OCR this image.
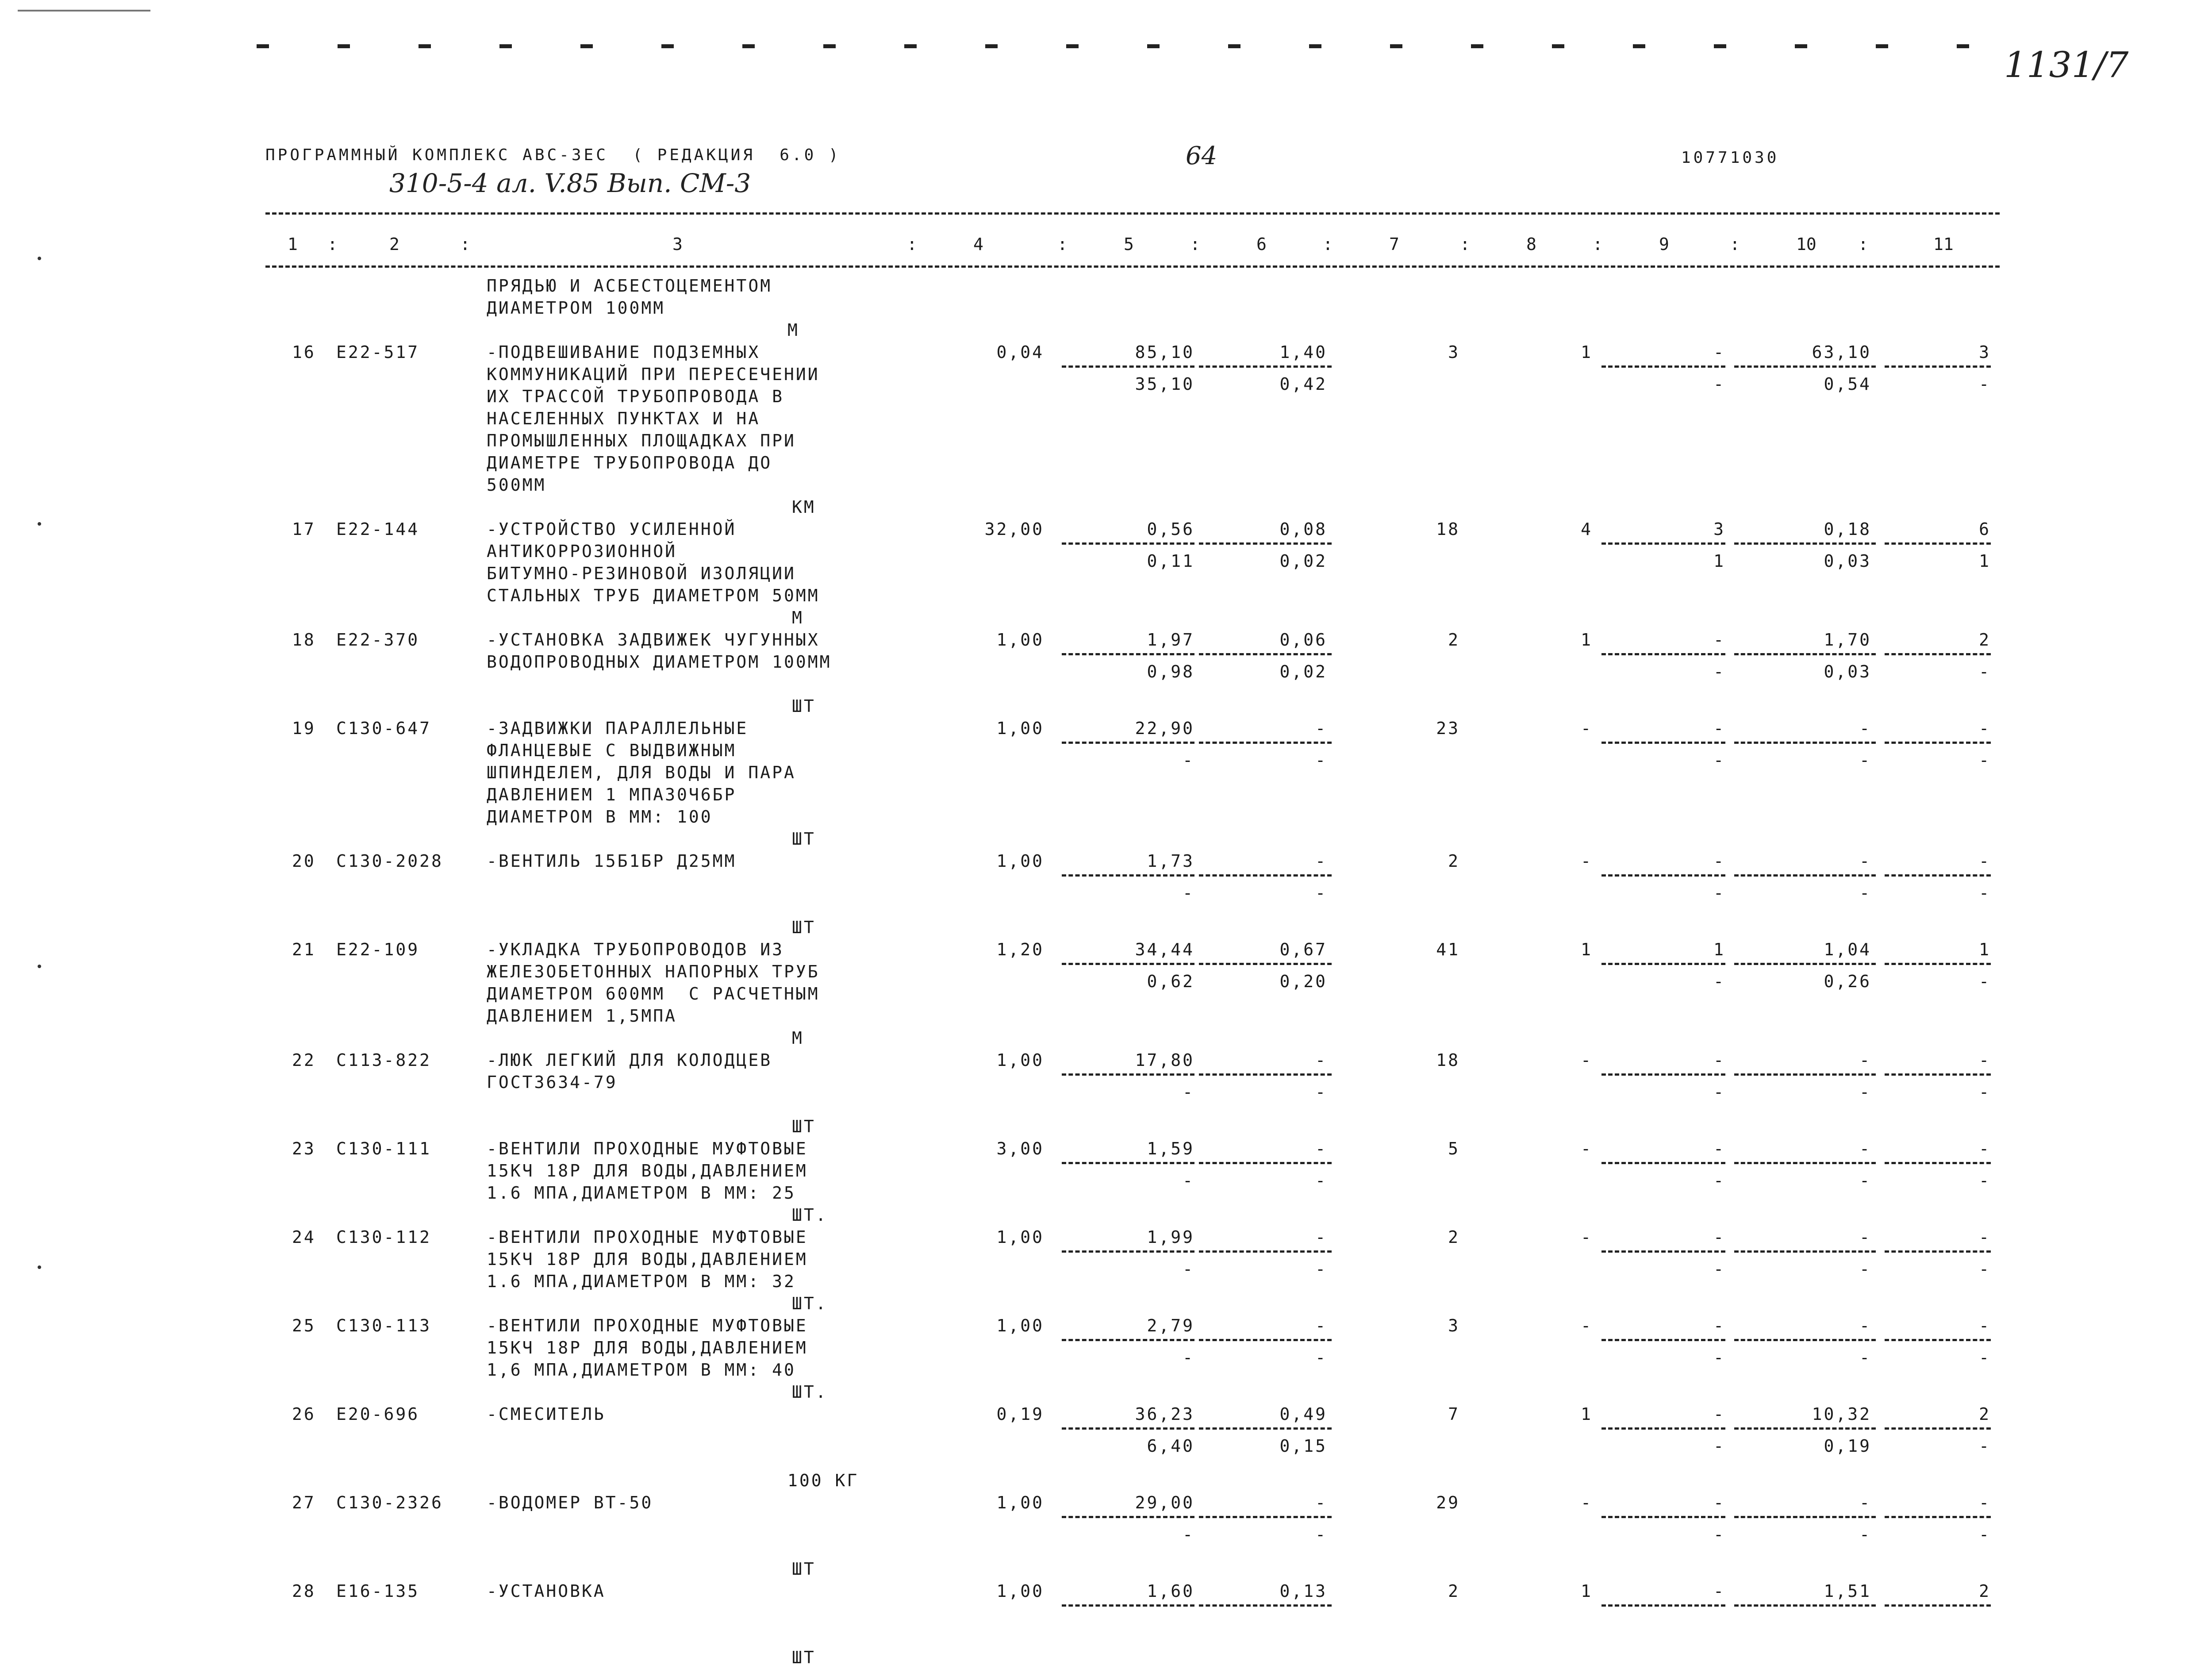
1131/7
ПРОГРАММНЫЙ КОМПЛЕКС АВС-3ЕС  ( РЕДАКЦИЯ  6.0 )	64	10771030
310-5-4 ал. V.85 Вып. СМ-3
1	2	3	4	5	6	7	8	9	10	11
:	:	:	:	:	:	:	:	:	:
ПРЯДЬЮ И АСБЕСТОЦЕМЕНТОМ
ДИАМЕТРОМ 100ММ
М
16 Е22-517	-ПОДВЕШИВАНИЕ ПОДЗЕМНЫХ
КОММУНИКАЦИЙ ПРИ ПЕРЕСЕЧЕНИИ
ИХ ТРАССОЙ ТРУБОПРОВОДА В
НАСЕЛЕННЫХ ПУНКТАХ И НА
ПРОМЫШЛЕННЫХ ПЛОЩАДКАХ ПРИ
ДИАМЕТРЕ ТРУБОПРОВОДА ДО
500ММ
0,04	85,10	1,40	3	1	-	63,10	3
35,10	0,42	-	0,54	-
КМ
17 Е22-144	-УСТРОЙСТВО УСИЛЕННОЙ
АНТИКОРРОЗИОННОЙ
БИТУМНО-РЕЗИНОВОЙ ИЗОЛЯЦИИ
СТАЛЬНЫХ ТРУБ ДИАМЕТРОМ 50ММ
32,00	0,56	0,08	18	4	3	0,18	6
0,11	0,02	1	0,03	1
М
18 Е22-370	-УСТАНОВКА ЗАДВИЖЕК ЧУГУННЫХ
ВОДОПРОВОДНЫХ ДИАМЕТРОМ 100ММ
1,00	1,97	0,06	2	1	-	1,70	2
0,98	0,02	-	0,03	-
ШТ
19 С130-647	-ЗАДВИЖКИ ПАРАЛЛЕЛЬНЫЕ
ФЛАНЦЕВЫЕ С ВЫДВИЖНЫМ
ШПИНДЕЛЕМ, ДЛЯ ВОДЫ И ПАРА
ДАВЛЕНИЕМ 1 МПА30Ч6БР
ДИАМЕТРОМ В ММ: 100
1,00	22,90	-	23	-	-	-	-
-	-	-	-	-
ШТ
20 С130-2028	-ВЕНТИЛЬ 15Б1БР Д25ММ	1,00	1,73	-	2	-	-	-	-
-	-	-	-	-
ШТ
21 Е22-109	-УКЛАДКА ТРУБОПРОВОДОВ ИЗ
ЖЕЛЕЗОБЕТОННЫХ НАПОРНЫХ ТРУБ
ДИАМЕТРОМ 600ММ  С РАСЧЕТНЫМ
ДАВЛЕНИЕМ 1,5МПА
1,20	34,44	0,67	41	1	1	1,04	1
0,62	0,20	-	0,26	-
М
22 С113-822	-ЛЮК ЛЕГКИЙ ДЛЯ КОЛОДЦЕВ
ГОСТ3634-79
1,00	17,80	-	18	-	-	-	-
-	-	-	-	-
ШТ
23 С130-111	-ВЕНТИЛИ ПРОХОДНЫЕ МУФТОВЫЕ
15КЧ 18Р ДЛЯ ВОДЫ,ДАВЛЕНИЕМ
1.6 МПА,ДИАМЕТРОМ В ММ: 25
3,00	1,59	-	5	-	-	-	-
-	-	-	-	-
ШТ.
24 С130-112	-ВЕНТИЛИ ПРОХОДНЫЕ МУФТОВЫЕ
15КЧ 18Р ДЛЯ ВОДЫ,ДАВЛЕНИЕМ
1.6 МПА,ДИАМЕТРОМ В ММ: 32
1,00	1,99	-	2	-	-	-	-
-	-	-	-	-
ШТ.
25 С130-113	-ВЕНТИЛИ ПРОХОДНЫЕ МУФТОВЫЕ
15КЧ 18Р ДЛЯ ВОДЫ,ДАВЛЕНИЕМ
1,6 МПА,ДИАМЕТРОМ В ММ: 40
1,00	2,79	-	3	-	-	-	-
-	-	-	-	-
ШТ.
26 Е20-696	-СМЕСИТЕЛЬ	0,19	36,23	0,49	7	1	-	10,32	2
6,40	0,15	-	0,19	-
100 КГ
27 С130-2326	-ВОДОМЕР ВТ-50	1,00	29,00	-	29	-	-	-	-
-	-	-	-	-
ШТ
28 Е16-135	-УСТАНОВКА	1,00	1,60	0,13	2	1	-	1,51	2
ШТ
